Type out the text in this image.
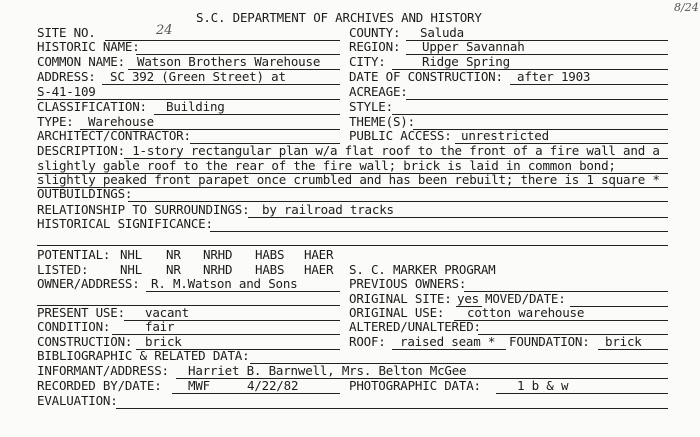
S.C. DEPARTMENT OF ARCHIVES AND HISTORY
8/24
SITE NO.	24	COUNTY: Saluda
HISTORIC NAME:	REGION: Upper Savannah
COMMON NAME: Watson Brothers Warehouse CITY:	Ridge Spring
ADDRESS: SC 392 (Green Street) at	DATE OF CONSTRUCTION: after 1903
S-41-109	ACREAGE:
CLASSIFICATION: Building	STYLE:
TYPE: Warehouse	THEME(S):
ARCHITECT/CONTRACTOR:	PUBLIC ACCESS: unrestricted
DESCRIPTION: 1-story rectangular plan w/a flat roof to the front of a fire wall and a
slightly gable roof to the rear of the fire wall; brick is laid in common bond;
slightly peaked front parapet once crumbled and has been rebuilt; there is 1 square *
OUTBUILDINGS:
RELATIONSHIP TO SURROUNDINGS: by railroad tracks
HISTORICAL SIGNIFICANCE:
POTENTIAL: NHL NR NRHD HABS HAER
LISTED:	NHL NR NRHD HABS HAER S. C. MARKER PROGRAM
OWNER/ADDRESS: R. M.Watson and Sons	PREVIOUS OWNERS:
ORIGINAL SITE: yes MOVED/DATE:
PRESENT USE: vacant	ORIGINAL USE: cotton warehouse
CONDITION:	fair	ALTERED/UNALTERED:
CONSTRUCTION: brick	ROOF: raised seam * FOUNDATION: brick
BIBLIOGRAPHIC & RELATED DATA:
INFORMANT/ADDRESS: Harriet B. Barnwell, Mrs. Belton McGee
RECORDED BY/DATE: MWF	4/22/82	PHOTOGRAPHIC DATA:	1 b & w
EVALUATION:
